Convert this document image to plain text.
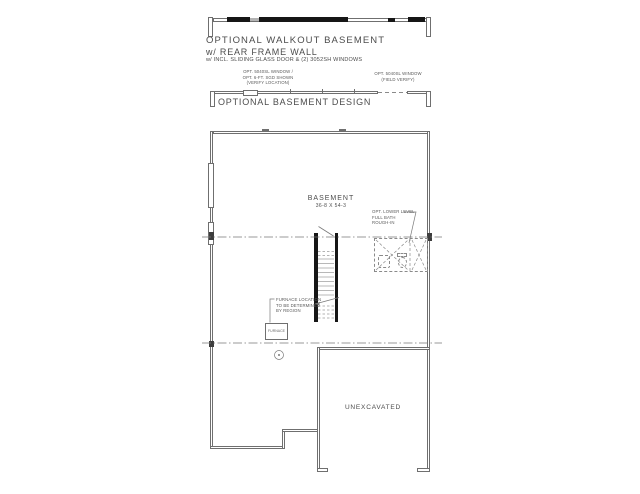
OPTIONAL WALKOUT BASEMENT
w/ REAR FRAME WALL
w/ INCL. SLIDING GLASS DOOR & (2) 3052SH WINDOWS
OPT. 5040SL WINDOW /
OPT. 6-FT. SGD SHOWN
(VERIFY LOCATION)
OPT. 5040SL WINDOW
(FIELD VERIFY)
OPTIONAL BASEMENT DESIGN
FURNACE
BASEMENT
36-8 X 54-3
UNEXCAVATED
OPT. LOWER LEVEL
FULL BATH
ROUGH-IN
FURNACE LOCATION
TO BE DETERMINED
BY REGION
